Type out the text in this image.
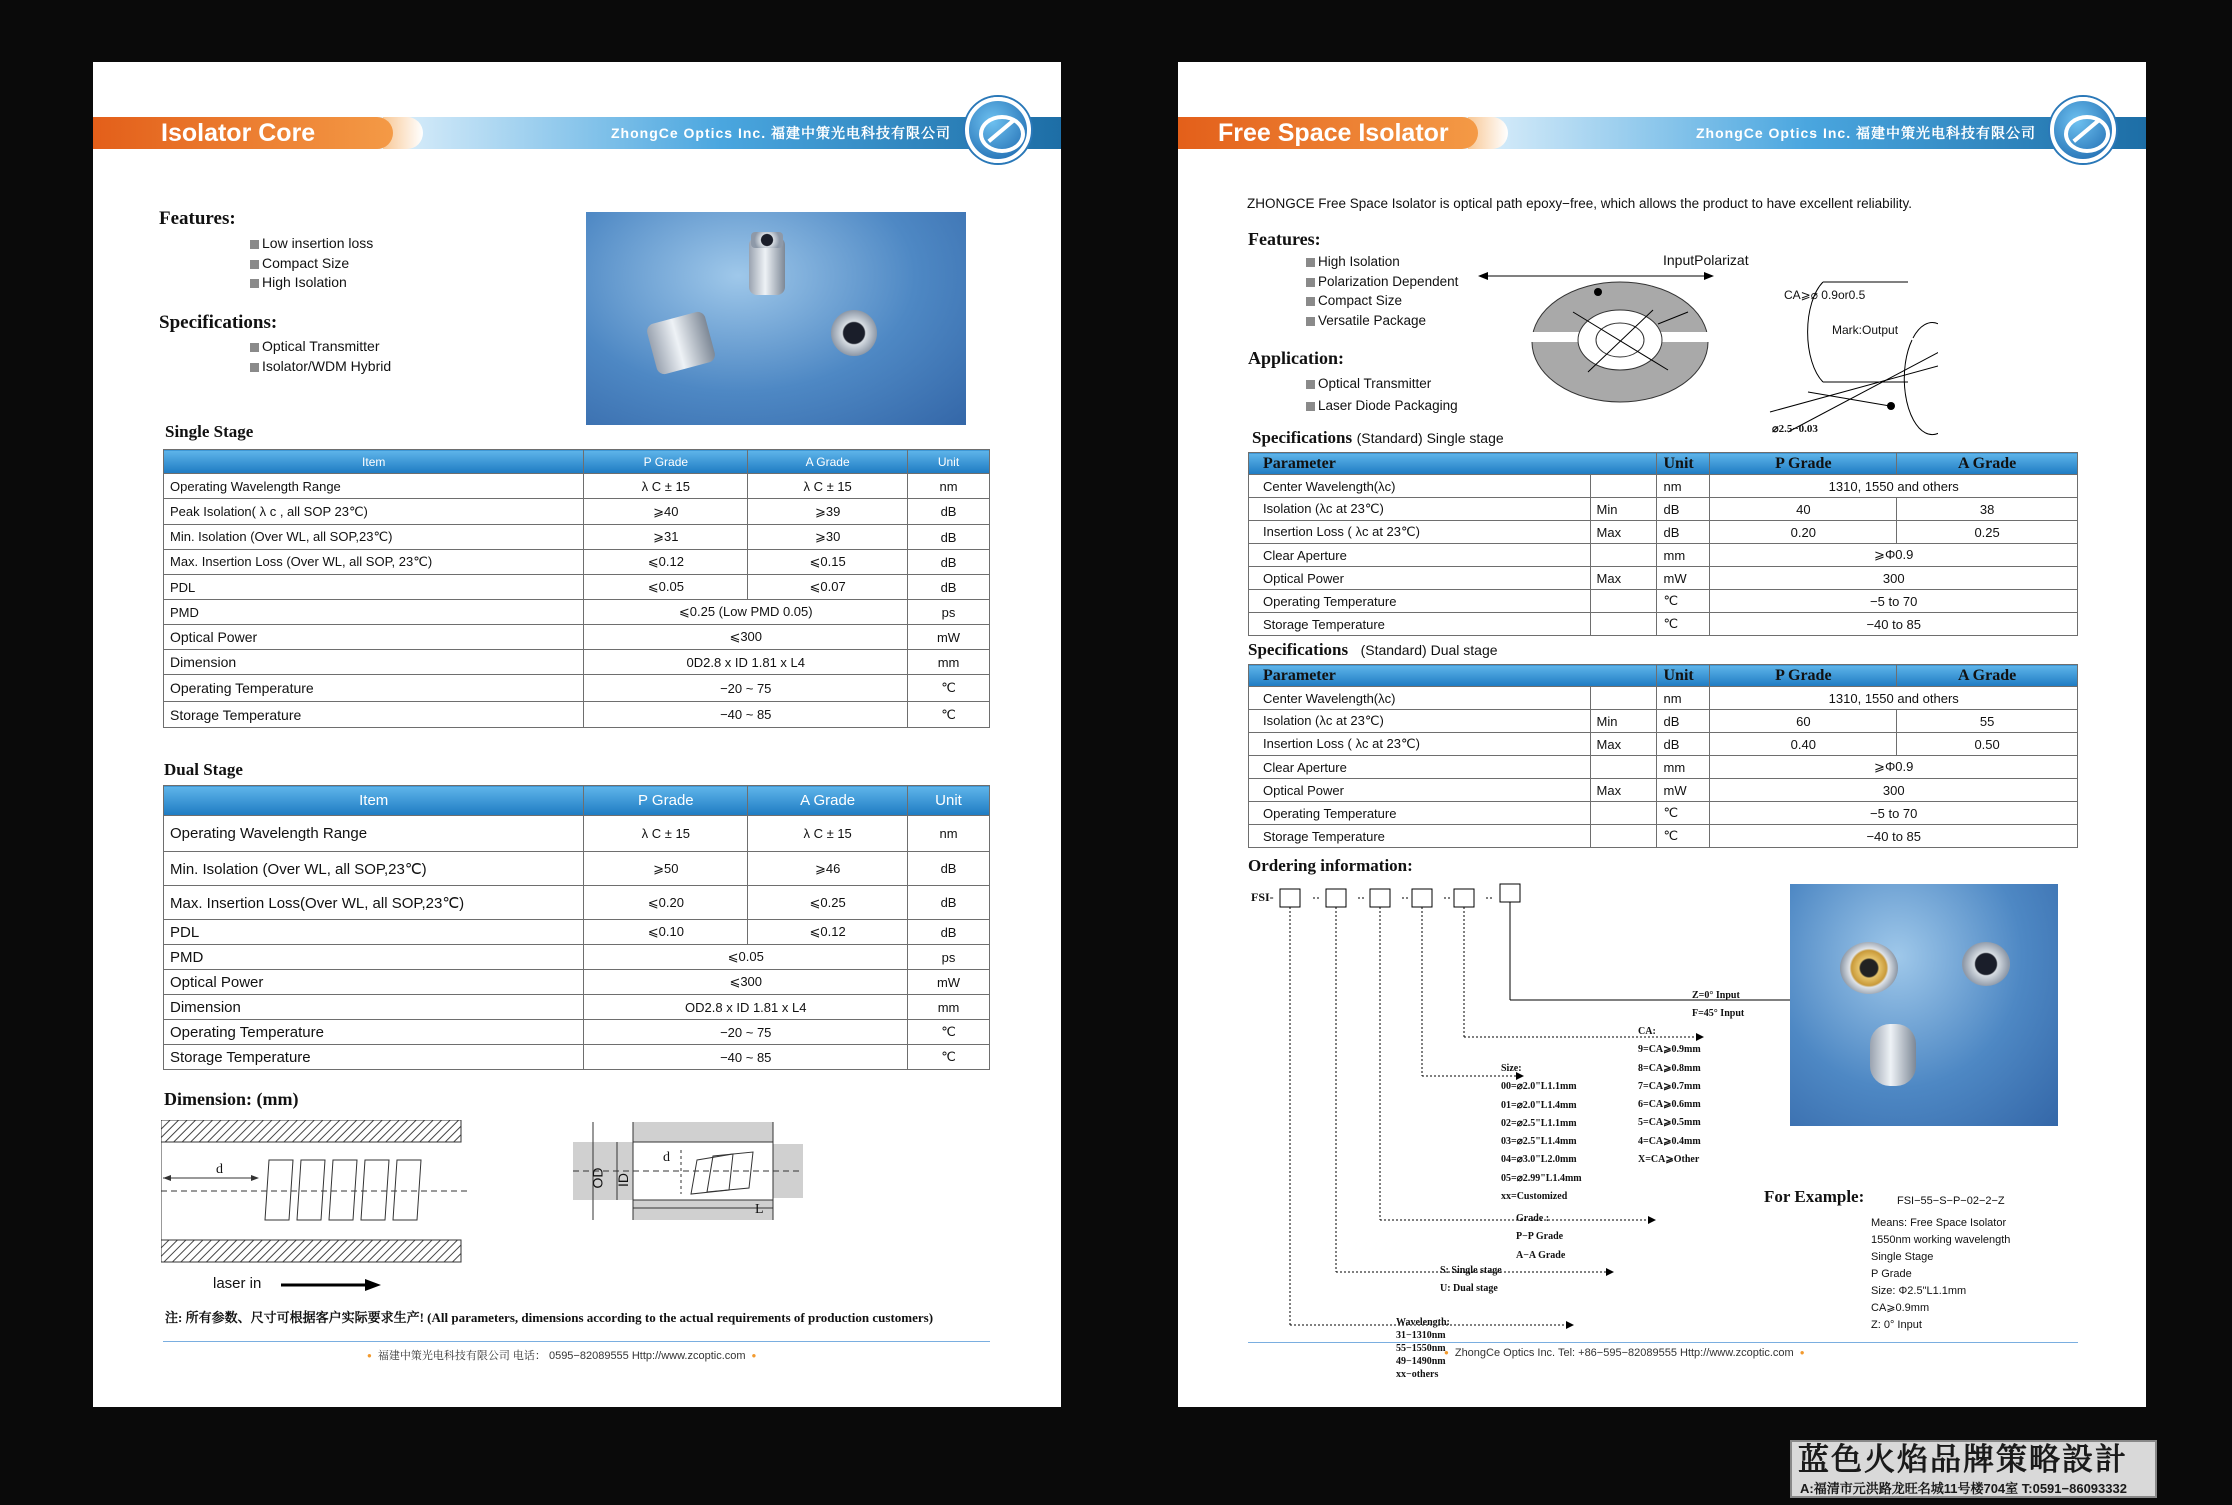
Isolator Core	ZhongCe Optics Inc. 福建中策光电科技有限公司
Features:
Low insertion loss
Compact Size
High Isolation
Specifications:
Optical Transmitter
Isolator/WDM Hybrid
Single Stage
Item	P Grade	A Grade	Unit
Operating Wavelength Range	λ C ± 15	λ C ± 15	nm
Peak Isolation( λ c , all SOP 23℃)	⩾40	⩾39	dB
Min. Isolation (Over WL, all SOP,23℃)	⩾31	⩾30	dB
Max. Insertion Loss (Over WL, all SOP, 23℃)	⩽0.12	⩽0.15	dB
PDL	⩽0.05	⩽0.07	dB
PMD	⩽0.25 (Low PMD 0.05)		ps
Optical Power	⩽300		mW
Dimension	0D2.8 x ID 1.81 x L4		mm
Operating Temperature	−20 ~ 75		℃
Storage Temperature	−40 ~ 85		℃
Dual Stage
Item	P Grade	A Grade	Unit
Operating Wavelength Range	λ C ± 15	λ C ± 15	nm
Min. Isolation (Over WL, all SOP,23℃)	⩾50	⩾46	dB
Max. Insertion Loss(Over WL, all SOP,23℃)	⩽0.20	⩽0.25	dB
PDL	⩽0.10	⩽0.12	dB
PMD	⩽0.05		ps
Optical Power	⩽300		mW
Dimension	OD2.8 x ID 1.81 x L4		mm
Operating Temperature	−20 ~ 75		℃
Storage Temperature	−40 ~ 85		℃
Dimension: (mm)
d
laser in
OD ID
d
L
注: 所有参数、尺寸可根据客户实际要求生产! (All parameters, dimensions according to the actual requirements of production customers)
● 福建中策光电科技有限公司 电话： 0595−82089555 Http://www.zcoptic.com ●
Free Space Isolator	ZhongCe Optics Inc. 福建中策光电科技有限公司
ZHONGCE Free Space Isolator is optical path epoxy−free, which allows the product to have excellent reliability.
Features:
High Isolation
Polarization Dependent
Compact Size
Versatile Package
Application:
Optical Transmitter
Laser Diode Packaging
InputPolarizat
CA⩾⌀ 0.9or0.5
Mark:Output
⌀2.5−0.03
Specifications (Standard) Single stage
Parameter		Unit	P Grade	A Grade
Center Wavelength(λc)		nm	1310, 1550 and others	
Isolation (λc at 23℃)	Min	dB	40	38
Insertion Loss ( λc at 23℃)	Max	dB	0.20	0.25
Clear Aperture		mm	⩾Φ0.9	
Optical Power	Max	mW	300	
Operating Temperature		℃	−5 to 70	
Storage Temperature		℃	−40 to 85	
Specifications (Standard) Dual stage
Parameter		Unit	P Grade	A Grade
Center Wavelength(λc)		nm	1310, 1550 and others	
Isolation (λc at 23℃)	Min	dB	60	55
Insertion Loss ( λc at 23℃)	Max	dB	0.40	0.50
Clear Aperture		mm	⩾Φ0.9	
Optical Power	Max	mW	300	
Operating Temperature		℃	−5 to 70	
Storage Temperature		℃	−40 to 85	
Ordering information:
FSI-
Z=0° Input
F=45° Input
CA:
9=CA⩾0.9mm
8=CA⩾0.8mm
7=CA⩾0.7mm
6=CA⩾0.6mm
5=CA⩾0.5mm
4=CA⩾0.4mm
X=CA⩾Other
Size:
00=⌀2.0"L1.1mm
01=⌀2.0"L1.4mm
02=⌀2.5"L1.1mm
03=⌀2.5"L1.4mm
04=⌀3.0"L2.0mm
05=⌀2.99"L1.4mm
xx=Customized
Grade :
P−P Grade
A−A Grade
S: Single stage
U: Dual stage
Wavelength:
31−1310nm
55−1550nm
49−1490nm
xx−others
For Example:	FSI−55−S−P−02−2−Z
Means: Free Space Isolator
1550nm working wavelength
Single Stage
P Grade
Size: Φ2.5"L1.1mm
CA⩾0.9mm
Z: 0° Input
● ZhongCe Optics Inc. Tel: +86−595−82089555 Http://www.zcoptic.com ●
蓝色火焰品牌策略設計
A:福清市元洪路龙旺名城11号楼704室 T:0591−86093332
